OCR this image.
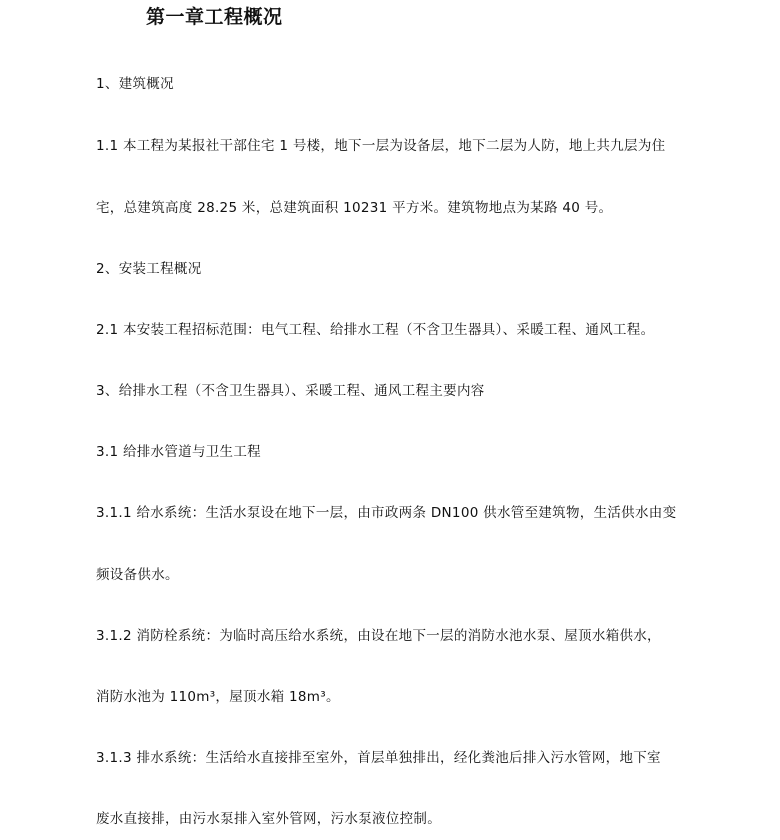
第一章工程概况
1、建筑概况
1.1 本工程为某报社干部住宅 1 号楼，地下一层为设备层，地下二层为人防，地上共九层为住
宅，总建筑高度 28.25 米，总建筑面积 10231 平方米。建筑物地点为某路 40 号。
2、安装工程概况
2.1 本安装工程招标范围：电气工程、给排水工程（不含卫生器具）、采暖工程、通风工程。
3、给排水工程（不含卫生器具）、采暖工程、通风工程主要内容
3.1 给排水管道与卫生工程
3.1.1 给水系统：生活水泵设在地下一层，由市政两条 DN100 供水管至建筑物，生活供水由变
频设备供水。
3.1.2 消防栓系统：为临时高压给水系统，由设在地下一层的消防水池水泵、屋顶水箱供水，
消防水池为 110m³，屋顶水箱 18m³。
3.1.3 排水系统：生活给水直接排至室外，首层单独排出，经化粪池后排入污水管网，地下室
废水直接排，由污水泵排入室外管网，污水泵液位控制。
